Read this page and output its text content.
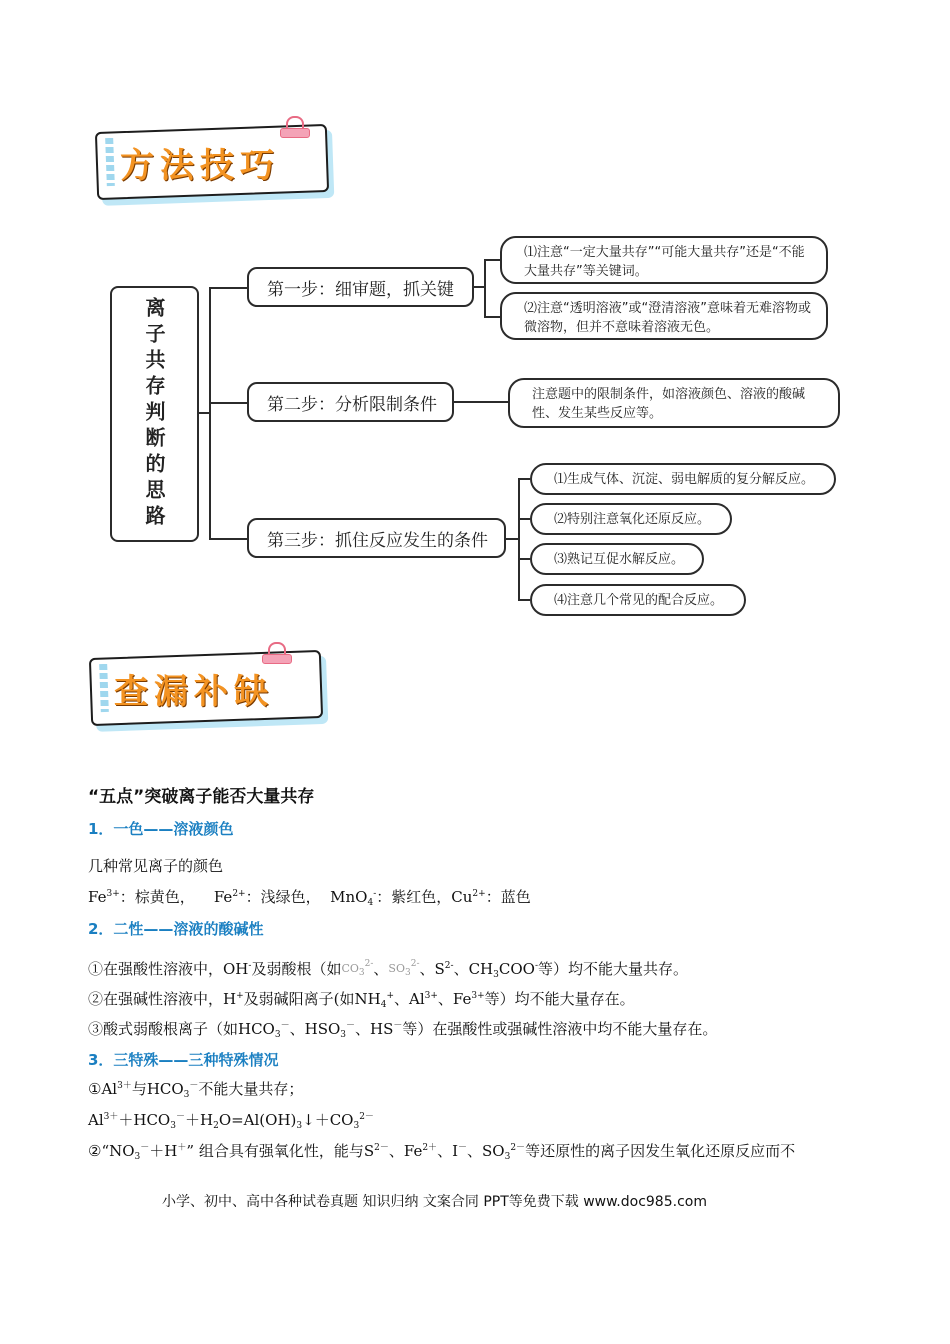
方法技巧
离子共存判断的思路
第一步：细审题，抓关键
⑴注意“一定大量共存”“可能大量共存”还是“不能大量共存”等关键词。
⑵注意“透明溶液”或“澄清溶液”意味着无难溶物或微溶物，但并不意味着溶液无色。
第二步：分析限制条件	注意题中的限制条件，如溶液颜色、溶液的酸碱性、发生某些反应等。
第三步：抓住反应发生的条件
⑴生成气体、沉淀、弱电解质的复分解反应。
⑵特别注意氧化还原反应。
⑶熟记互促水解反应。
⑷注意几个常见的配合反应。
查漏补缺
“五点”突破离子能否大量共存
1．一色——溶液颜色
几种常见离子的颜色
$Fe^{3+}$：棕黄色，    $Fe^{2+}$：浅绿色，  MnO$_4$-：紫红色，$Cu^{2+}$：蓝色
2．二性——溶液的酸碱性
①在强酸性溶液中，OH-及弱酸根（如$CO_3^{2-}$、$SO_3^{2-}$、$S^{2-}$、$CH_3COO^-$等）均不能大量共存。
②在强碱性溶液中，H+及弱碱阳离子(如$NH_4^+$、$Al^{3+}$、$Fe^{3+}$等）均不能大量存在。
③酸式弱酸根离子（如$HCO_3^-$、$HSO_3^-$、HS－等）在强酸性或强碱性溶液中均不能大量存在。
3．三特殊——三种特殊情况
$①Al^{3+}$与$HCO_3^-$不能大量共存；
$Al^{3+}+HCO_3^-+H_2O=Al(OH)_3↓+CO_3^{2-}$
$②“NO_3^-+H^+$” 组合具有强氧化性，能与$S^{2-}$、$Fe^{2+}$、I－、$SO_3^{2-}$等还原性的离子因发生氧化还原反应而不
小学、初中、高中各种试卷真题 知识归纳 文案合同 PPT等免费下载 www.doc985.com
